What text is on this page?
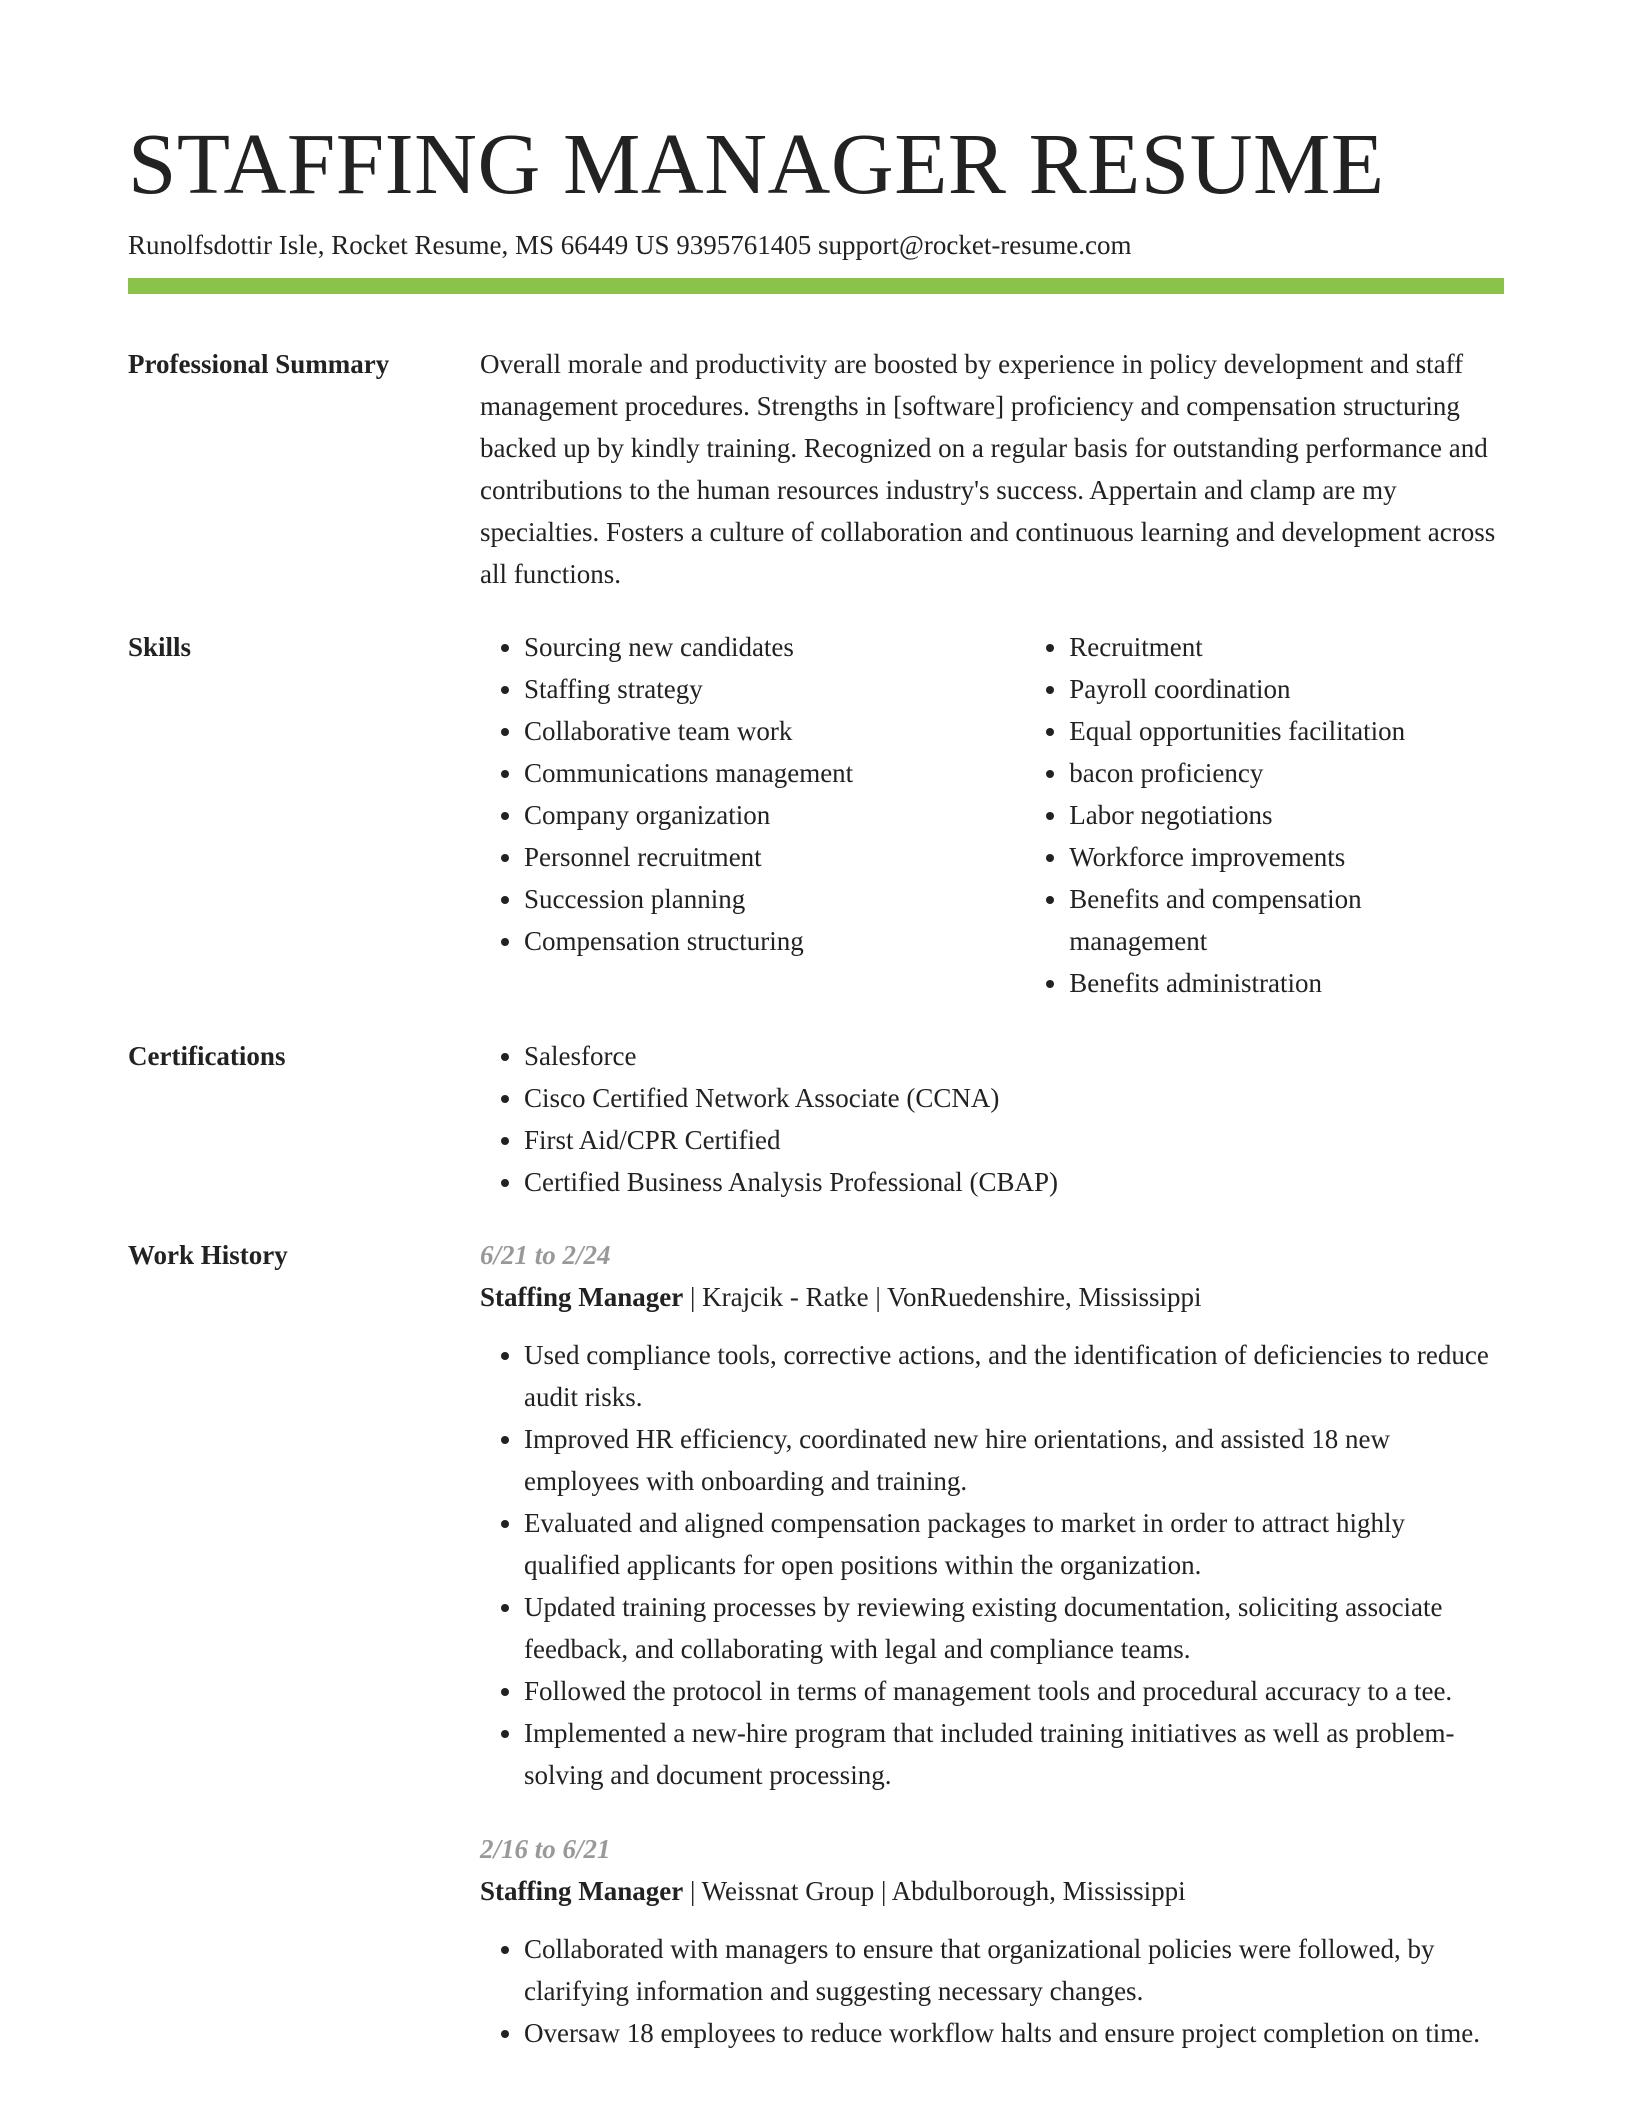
STAFFING MANAGER RESUME
Runolfsdottir Isle, Rocket Resume, MS 66449 US 9395761405 support@rocket-resume.com
Professional Summary	Overall morale and productivity are boosted by experience in policy development and staff management procedures. Strengths in [software] proficiency and compensation structuring backed up by kindly training. Recognized on a regular basis for outstanding performance and contributions to the human resources industry's success. Appertain and clamp are my specialties. Fosters a culture of collaboration and continuous learning and development across all functions.
Skills	• Sourcing new candidates
• Staffing strategy
• Collaborative team work
• Communications management
• Company organization
• Personnel recruitment
• Succession planning
• Compensation structuring
• Recruitment
• Payroll coordination
• Equal opportunities facilitation
• bacon proficiency
• Labor negotiations
• Workforce improvements
• Benefits and compensation management
• Benefits administration
Certifications	• Salesforce
• Cisco Certified Network Associate (CCNA)
• First Aid/CPR Certified
• Certified Business Analysis Professional (CBAP)
Work History	6/21 to 2/24
Staffing Manager | Krajcik - Ratke | VonRuedenshire, Mississippi
• Used compliance tools, corrective actions, and the identification of deficiencies to reduce audit risks.
• Improved HR efficiency, coordinated new hire orientations, and assisted 18 new employees with onboarding and training.
• Evaluated and aligned compensation packages to market in order to attract highly qualified applicants for open positions within the organization.
• Updated training processes by reviewing existing documentation, soliciting associate feedback, and collaborating with legal and compliance teams.
• Followed the protocol in terms of management tools and procedural accuracy to a tee.
• Implemented a new-hire program that included training initiatives as well as problem-solving and document processing.
2/16 to 6/21
Staffing Manager | Weissnat Group | Abdulborough, Mississippi
• Collaborated with managers to ensure that organizational policies were followed, by clarifying information and suggesting necessary changes.
• Oversaw 18 employees to reduce workflow halts and ensure project completion on time.
